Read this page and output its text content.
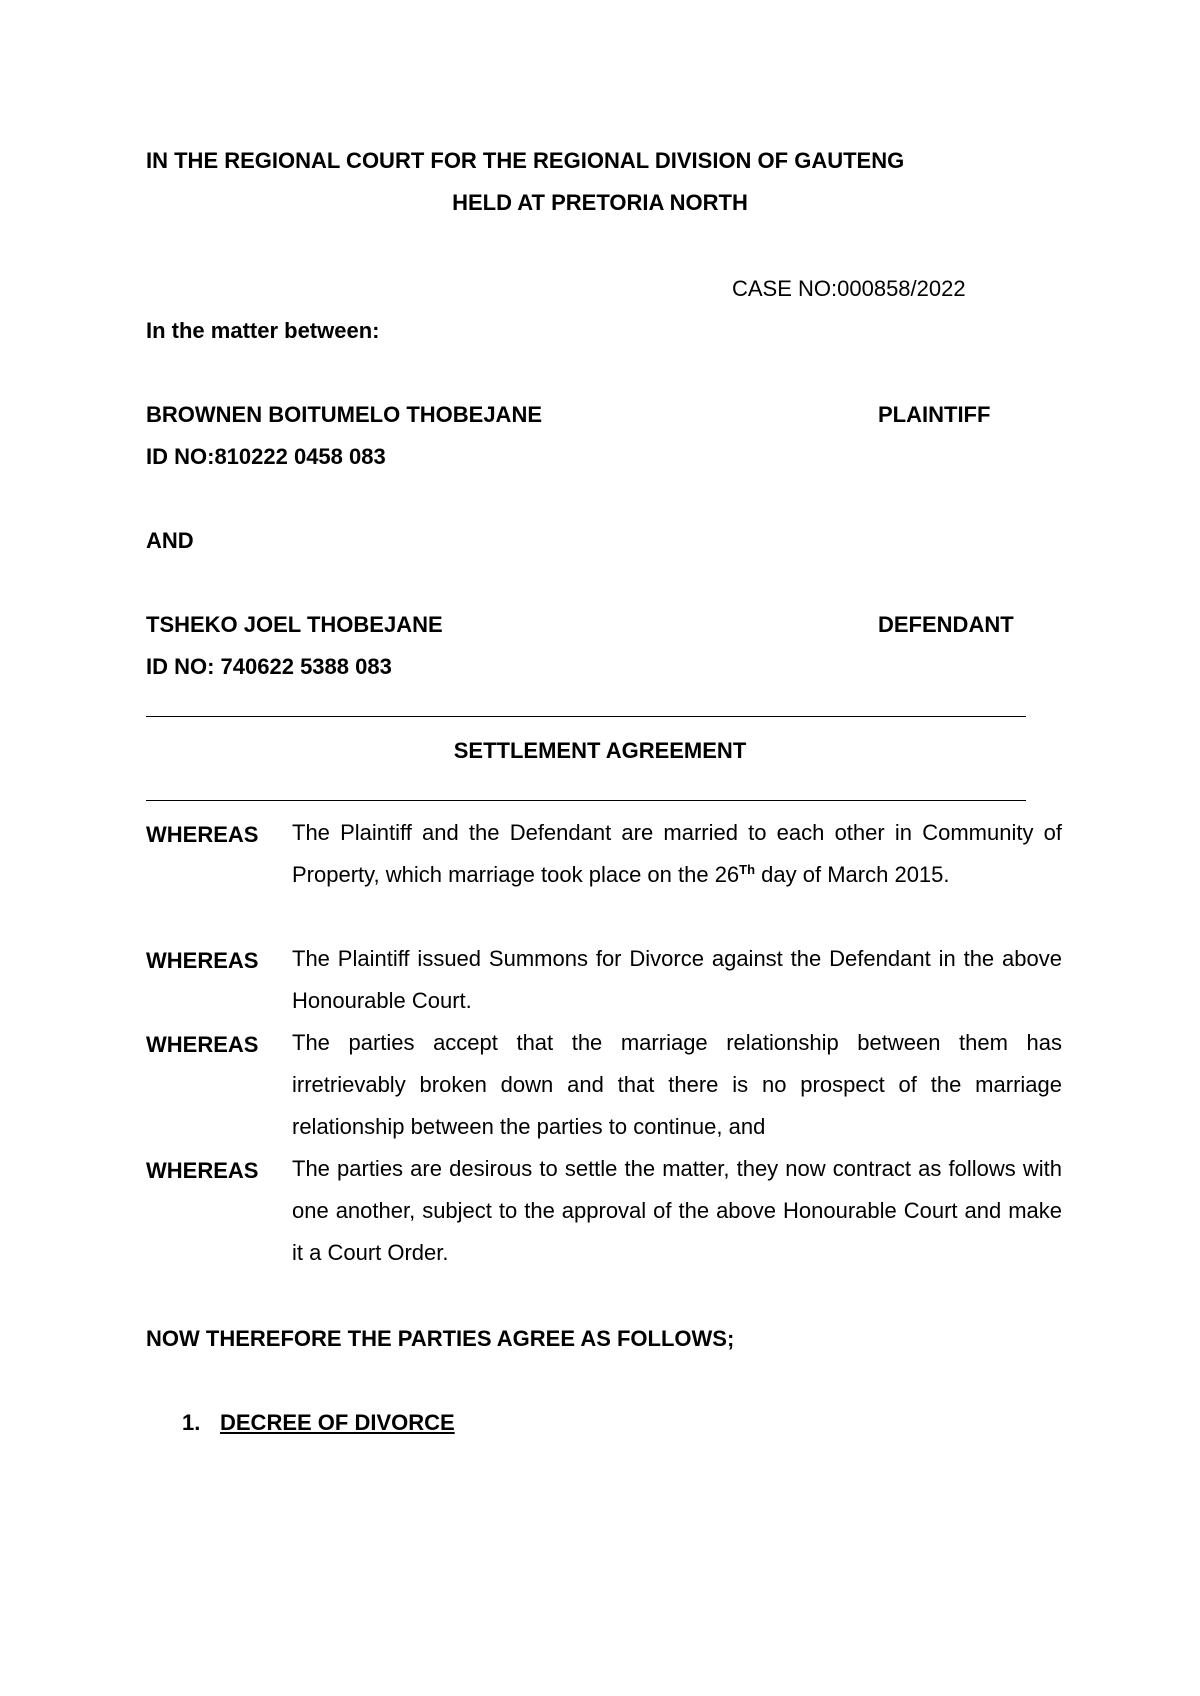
IN THE REGIONAL COURT FOR THE REGIONAL DIVISION OF GAUTENG
HELD AT PRETORIA NORTH
CASE NO:000858/2022
In the matter between:
BROWNEN BOITUMELO THOBEJANE	PLAINTIFF
ID NO:810222 0458 083
AND
TSHEKO JOEL THOBEJANE	DEFENDANT
ID NO: 740622 5388 083
SETTLEMENT AGREEMENT
WHEREAS The Plaintiff and the Defendant are married to each other in Community of Property, which marriage took place on the 26Th day of March 2015.
WHEREAS The Plaintiff issued Summons for Divorce against the Defendant in the above Honourable Court.
WHEREAS The parties accept that the marriage relationship between them has irretrievably broken down and that there is no prospect of the marriage relationship between the parties to continue, and
WHEREAS The parties are desirous to settle the matter, they now contract as follows with one another, subject to the approval of the above Honourable Court and make it a Court Order.
NOW THEREFORE THE PARTIES AGREE AS FOLLOWS;
1. DECREE OF DIVORCE
